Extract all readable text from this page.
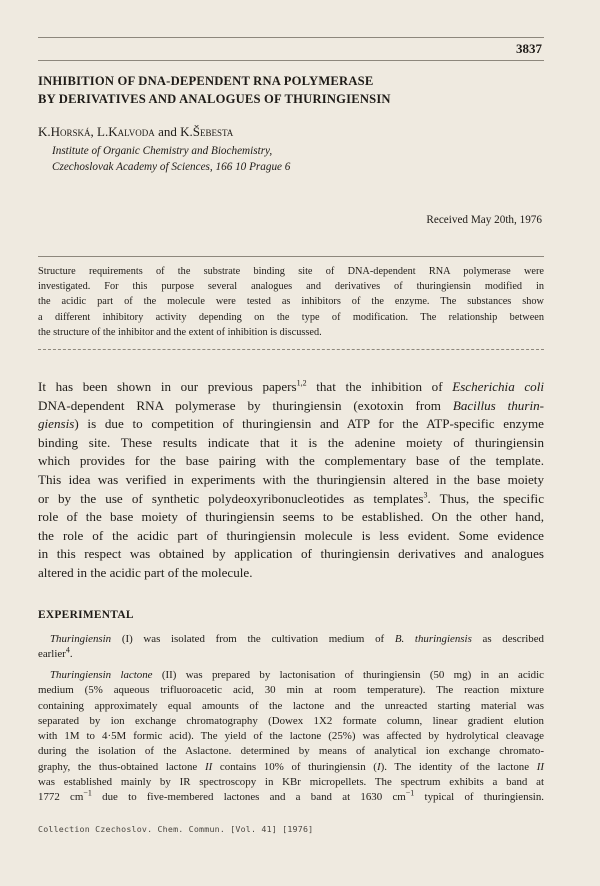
3837
INHIBITION OF DNA-DEPENDENT RNA POLYMERASE
BY DERIVATIVES AND ANALOGUES OF THURINGIENSIN
K.Horská, L.Kalvoda and K.Šebesta
Institute of Organic Chemistry and Biochemistry,
Czechoslovak Academy of Sciences, 166 10 Prague 6
Received May 20th, 1976
Structure requirements of the substrate binding site of DNA-dependent RNA polymerase were
investigated. For this purpose several analogues and derivatives of thuringiensin modified in
the acidic part of the molecule were tested as inhibitors of the enzyme. The substances show
a different inhibitory activity depending on the type of modification. The relationship between
the structure of the inhibitor and the extent of inhibition is discussed.
It has been shown in our previous papers$^{1,2}$ that the inhibition of Escherichia coli
DNA-dependent RNA polymerase by thuringiensin (exotoxin from Bacillus thurin-
giensis) is due to competition of thuringiensin and ATP for the ATP-specific enzyme
binding site. These results indicate that it is the adenine moiety of thuringiensin
which provides for the base pairing with the complementary base of the template.
This idea was verified in experiments with the thuringiensin altered in the base moiety
or by the use of synthetic polydeoxyribonucleotides as templates$^3$. Thus, the specific
role of the base moiety of thuringiensin seems to be established. On the other hand,
the role of the acidic part of thuringiensin molecule is less evident. Some evidence
in this respect was obtained by application of thuringiensin derivatives and analogues
altered in the acidic part of the molecule.
EXPERIMENTAL
Thuringiensin (I) was isolated from the cultivation medium of B. thuringiensis as described
earlier$^4$.
Thuringiensin lactone (II) was prepared by lactonisation of thuringiensin (50 mg) in an acidic
medium (5% aqueous trifluoroacetic acid, 30 min at room temperature). The reaction mixture
containing approximately equal amounts of the lactone and the unreacted starting material was
separated by ion exchange chromatography (Dowex 1X2 formate column, linear gradient elution
with 1M to 4·5M formic acid). The yield of the lactone (25%) was affected by hydrolytical cleavage
during the isolation of the Aslactone. determined by means of analytical ion exchange chromato-
graphy, the thus-obtained lactone II contains 10% of thuringiensin (I). The identity of the lactone II
was established mainly by IR spectroscopy in KBr micropellets. The spectrum exhibits a band at
1772 $cm^{-1}$ due to five-membered lactones and a band at 1630 $cm^{-1}$ typical of thuringiensin.
Collection Czechoslov. Chem. Commun. [Vol. 41] [1976]
